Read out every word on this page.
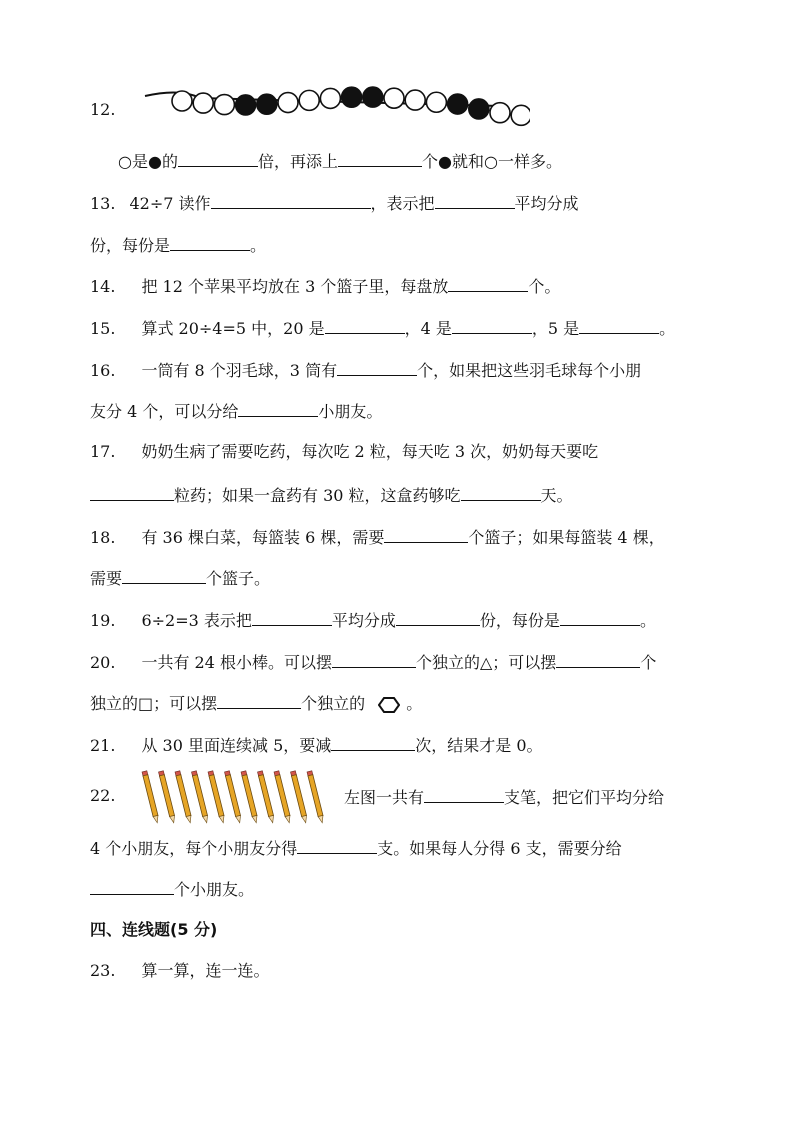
12.
○是●的	倍，再添上	个●就和○一样多。
13. 42÷7 读作	，表示把	平均分成
份，每份是	。
14. 把 12 个苹果平均放在 3 个篮子里，每盘放	个。
15. 算式 20÷4=5 中，20 是	，4 是	，5 是	。
16. 一筒有 8 个羽毛球，3 筒有	个，如果把这些羽毛球每个小朋
友分 4 个，可以分给	小朋友。
17. 奶奶生病了需要吃药，每次吃 2 粒，每天吃 3 次，奶奶每天要吃
粒药；如果一盒药有 30 粒，这盒药够吃	天。
18. 有 36 棵白菜，每篮装 6 棵，需要	个篮子；如果每篮装 4 棵，
需要	个篮子。
19. 6÷2=3 表示把	平均分成	份，每份是	。
20. 一共有 24 根小棒。可以摆	个独立的△；可以摆	个
独立的□；可以摆	个独立的	。
21. 从 30 里面连续减 5，要减	次，结果才是 0。
22.	左图一共有	支笔，把它们平均分给
4 个小朋友，每个小朋友分得	支。如果每人分得 6 支，需要分给
个小朋友。
四、连线题(5 分)
23. 算一算，连一连。
